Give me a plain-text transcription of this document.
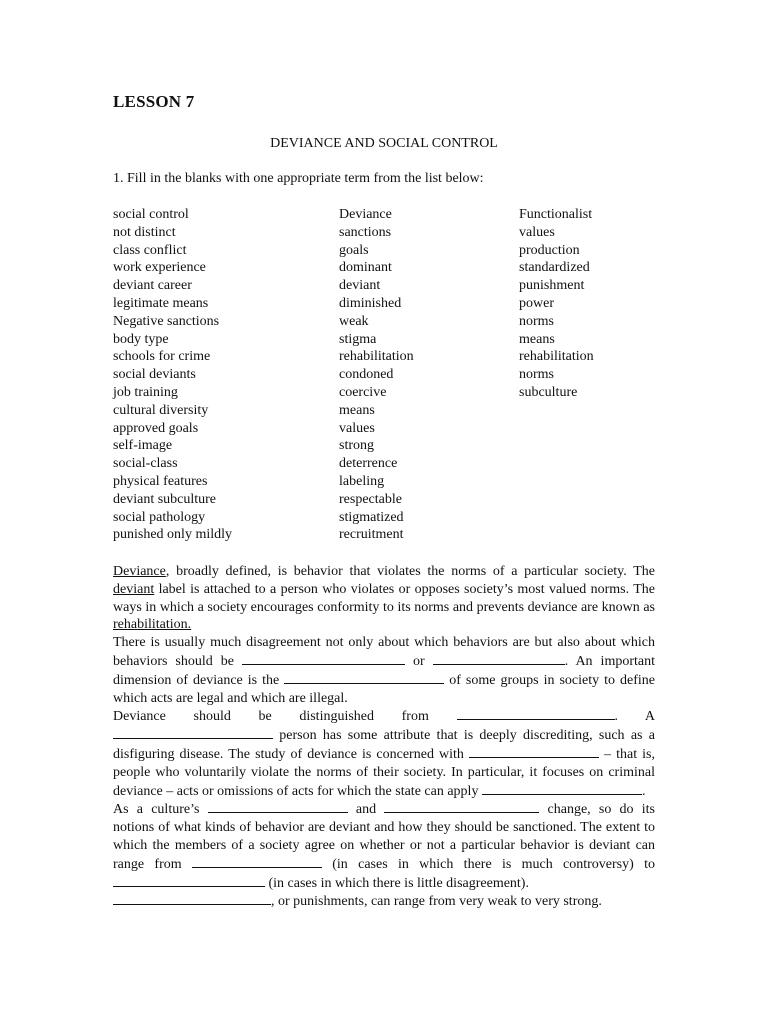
LESSON 7
DEVIANCE AND SOCIAL CONTROL
1. Fill in the blanks with one appropriate term from the list below:
social control
not distinct
class conflict
work experience
deviant career
legitimate means
Negative sanctions
body type
schools for crime
social deviants
job training
cultural diversity
approved goals
self-image
social-class
physical features
deviant subculture
social pathology
punished only mildly
Deviance
sanctions
goals
dominant
deviant
diminished
weak
stigma
rehabilitation
condoned
coercive
means
values
strong
deterrence
labeling
respectable
stigmatized
recruitment
Functionalist
values
production
standardized
punishment
power
norms
means
rehabilitation
norms
subculture

Deviance, broadly defined, is behavior that violates the norms of a particular society. The deviant label is attached to a person who violates or opposes society’s most valued norms. The ways in which a society encourages conformity to its norms and prevents deviance are known as rehabilitation.

There is usually much disagreement not only about which behaviors are but also about which behaviors should be	or	. An important dimension of deviance is the	of some groups in society to define which acts are legal and which are illegal.

Deviance should be distinguished from	. A  person has some attribute that is deeply discrediting, such as a disfiguring disease. The study of deviance is concerned with	– that is, people who voluntarily violate the norms of their society. In particular, it focuses on criminal deviance – acts or omissions of acts for which the state can apply	.

As a culture’s	and	change, so do its notions of what kinds of behavior are deviant and how they should be sanctioned. The extent to which the members of a society agree on whether or not a particular behavior is deviant can range from	(in cases in which there is much controversy) to  (in cases in which there is little disagreement).

, or punishments, can range from very weak to very strong.
